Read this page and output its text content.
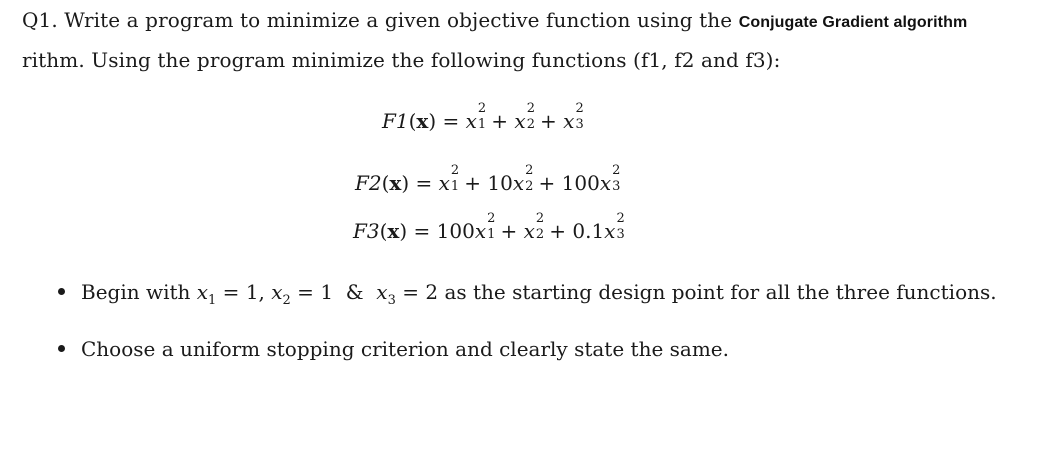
Q1. Write a program to minimize a given objective function using the Conjugate Gradient algorithm
rithm. Using the program minimize the following functions (f1, f2 and f3):
F1(x) = x
2
1
+ x
2
2
+ x
2
3
F2(x) = x
2
1
+ 10x
2
2
+ 100x
2
3
F3(x) = 100x
2
1
+ x
2
2
+ 0.1x
2
3
Begin with $x_1 = 1$, $x_2 = 1$ & $x_3 = 2$ as the starting design point for all the three functions.
Choose a uniform stopping criterion and clearly state the same.
